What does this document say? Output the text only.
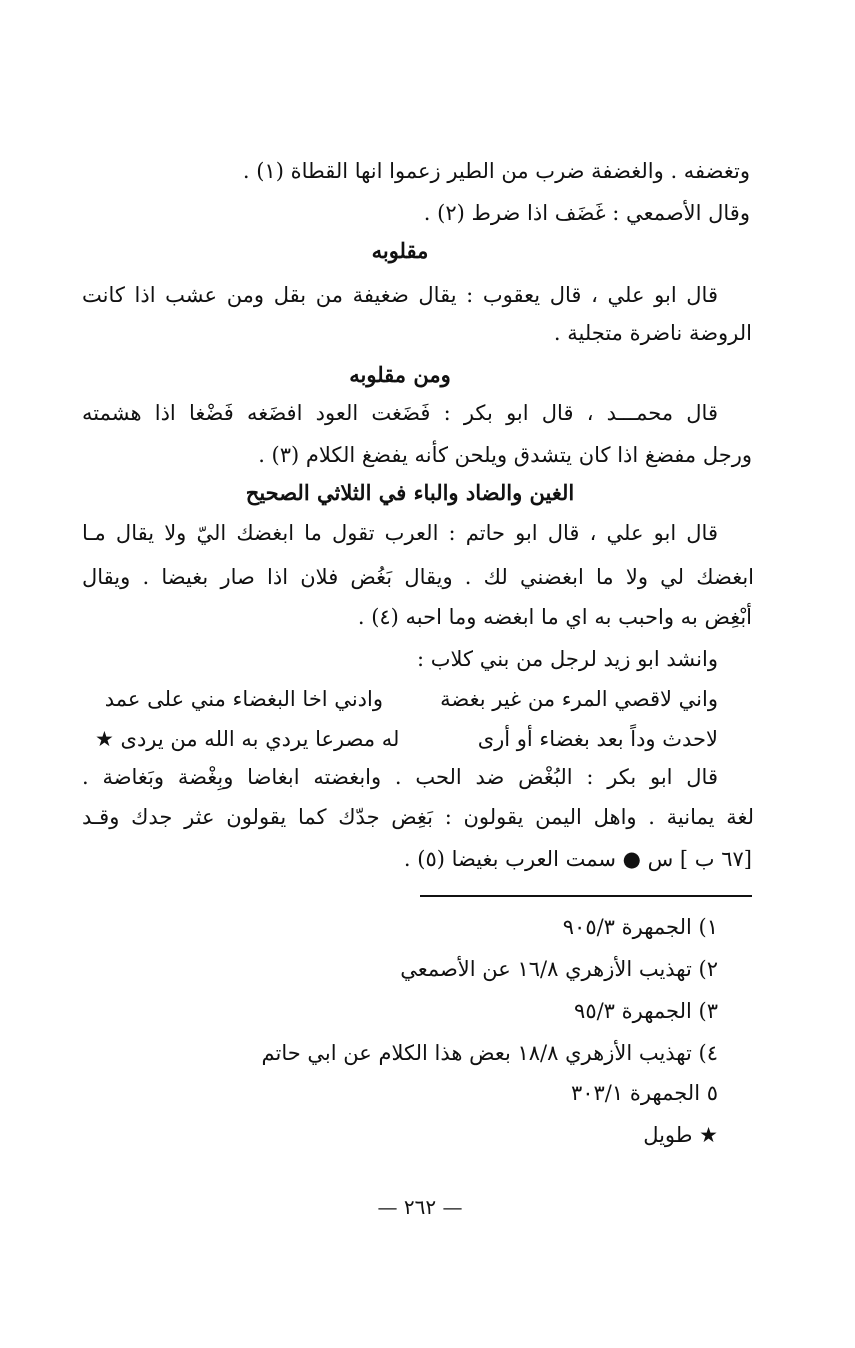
وتغضفه . والغضفة ضرب من الطير زعموا انها القطاة (١) .

وقال الأصمعي : غَضَف اذا ضرط (٢) .

مقلوبه

قال ابو علي ، قال يعقوب : يقال ضغيفة من بقل ومن عشب اذا كانت

الروضة ناضرة متجلية .

ومن مقلوبه

قال محمـــد ، قال ابو بكر : فَضَغت العود افضَغه فَضْغا اذا هشمته

ورجل مفضغ اذا كان يتشدق ويلحن كأنه يفضغ الكلام (٣) .

الغين والضاد والباء في الثلاثي الصحيح

قال ابو علي ، قال ابو حاتم : العرب تقول ما ابغضك اليّ ولا يقال مـا

ابغضك لي ولا ما ابغضني لك . ويقال بَغُض فلان اذا صار بغيضا . ويقال

أبْغِض به واحبب به اي ما ابغضه وما احبه (٤) .

وانشد ابو زيد لرجل من بني كلاب :

واني لاقصي المرء من غير بغضة
وادني اخا البغضاء مني على عمد
لاحدث وداً بعد بغضاء أو أرى
له مصرعا يردي به الله من يردى ★

قال ابو بكر : البُغْض ضد الحب . وابغضته ابغاضا وبِغْضة وبَغاضة .

لغة يمانية . واهل اليمن يقولون : بَغِض جدّك كما يقولون عثر جدك وقـد

[٦٧ ب ] س ● سمت العرب بغيضا (٥) .

١) الجمهرة ٩٠٥/٣

٢) تهذيب الأزهري ١٦/٨ عن الأصمعي

٣) الجمهرة ٩٥/٣

٤) تهذيب الأزهري ١٨/٨ بعض هذا الكلام عن ابي حاتم

٥ الجمهرة ٣٠٣/١

★ طويل

— ٢٦٢ —
